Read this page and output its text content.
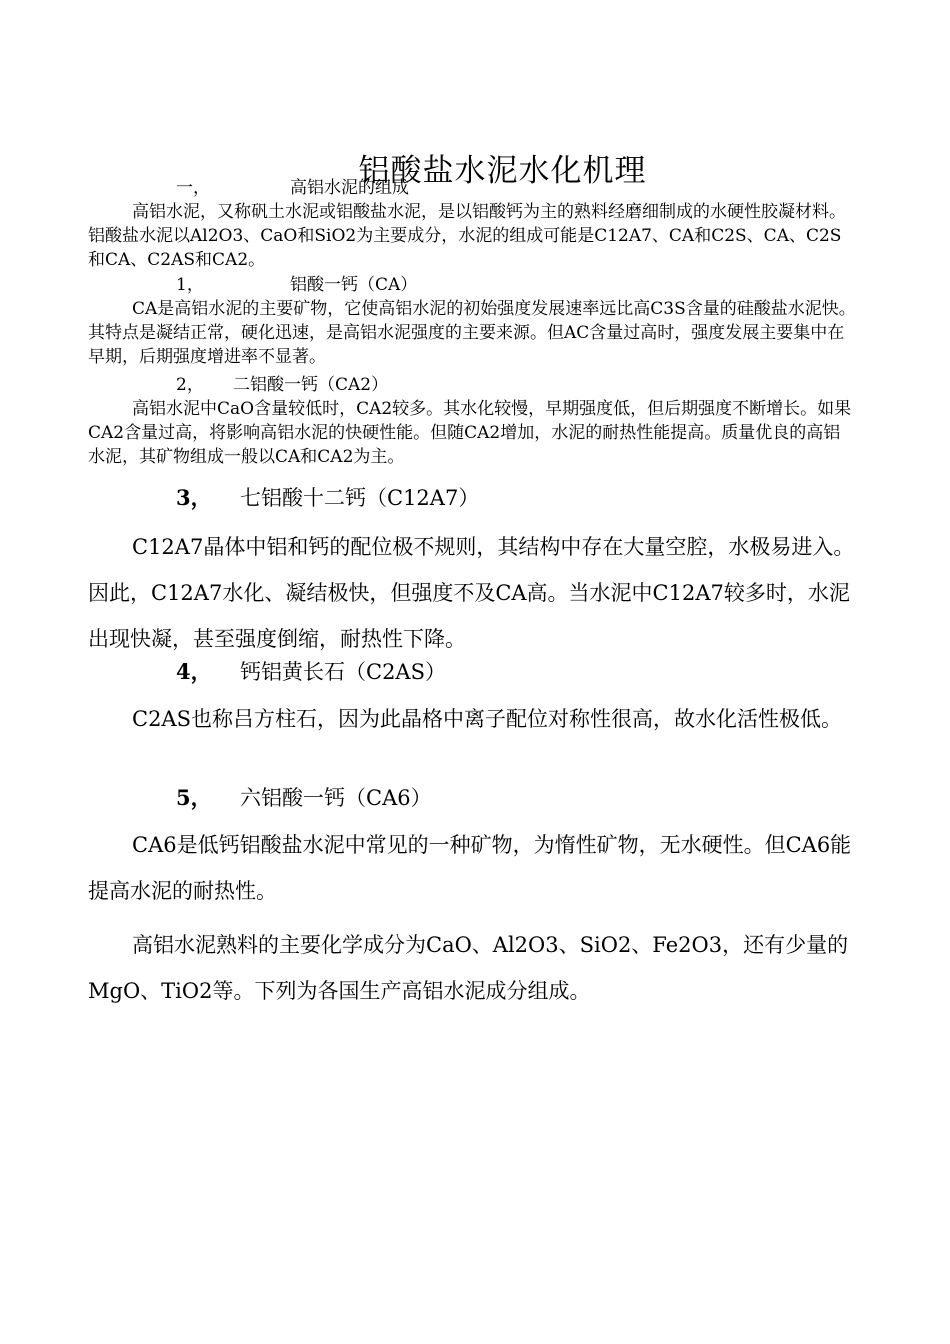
铝酸盐水泥水化机理
一，	高铝水泥的组成

高铝水泥，又称矾土水泥或铝酸盐水泥，是以铝酸钙为主的熟料经磨细制成的水硬性胶凝材料。铝酸盐水泥以Al2O3、CaO和SiO2为主要成分，水泥的组成可能是C12A7、CA和C2S、CA、C2S和CA、C2AS和CA2。

1，	铝酸一钙（CA）

CA是高铝水泥的主要矿物，它使高铝水泥的初始强度发展速率远比高C3S含量的硅酸盐水泥快。其特点是凝结正常，硬化迅速，是高铝水泥强度的主要来源。但AC含量过高时，强度发展主要集中在早期，后期强度增进率不显著。

2， 二铝酸一钙（CA2）

高铝水泥中CaO含量较低时，CA2较多。其水化较慢，早期强度低，但后期强度不断增长。如果CA2含量过高，将影响高铝水泥的快硬性能。但随CA2增加，水泥的耐热性能提高。质量优良的高铝水泥，其矿物组成一般以CA和CA2为主。

3， 七铝酸十二钙（C12A7）

C12A7晶体中铝和钙的配位极不规则，其结构中存在大量空腔，水极易进入。因此，C12A7水化、凝结极快，但强度不及CA高。当水泥中C12A7较多时，水泥出现快凝，甚至强度倒缩，耐热性下降。

4， 钙铝黄长石（C2AS）

C2AS也称吕方柱石，因为此晶格中离子配位对称性很高，故水化活性极低。

5， 六铝酸一钙（CA6）

CA6是低钙铝酸盐水泥中常见的一种矿物，为惰性矿物，无水硬性。但CA6能提高水泥的耐热性。

高铝水泥熟料的主要化学成分为CaO、Al2O3、SiO2、Fe2O3，还有少量的MgO、TiO2等。下列为各国生产高铝水泥成分组成。
